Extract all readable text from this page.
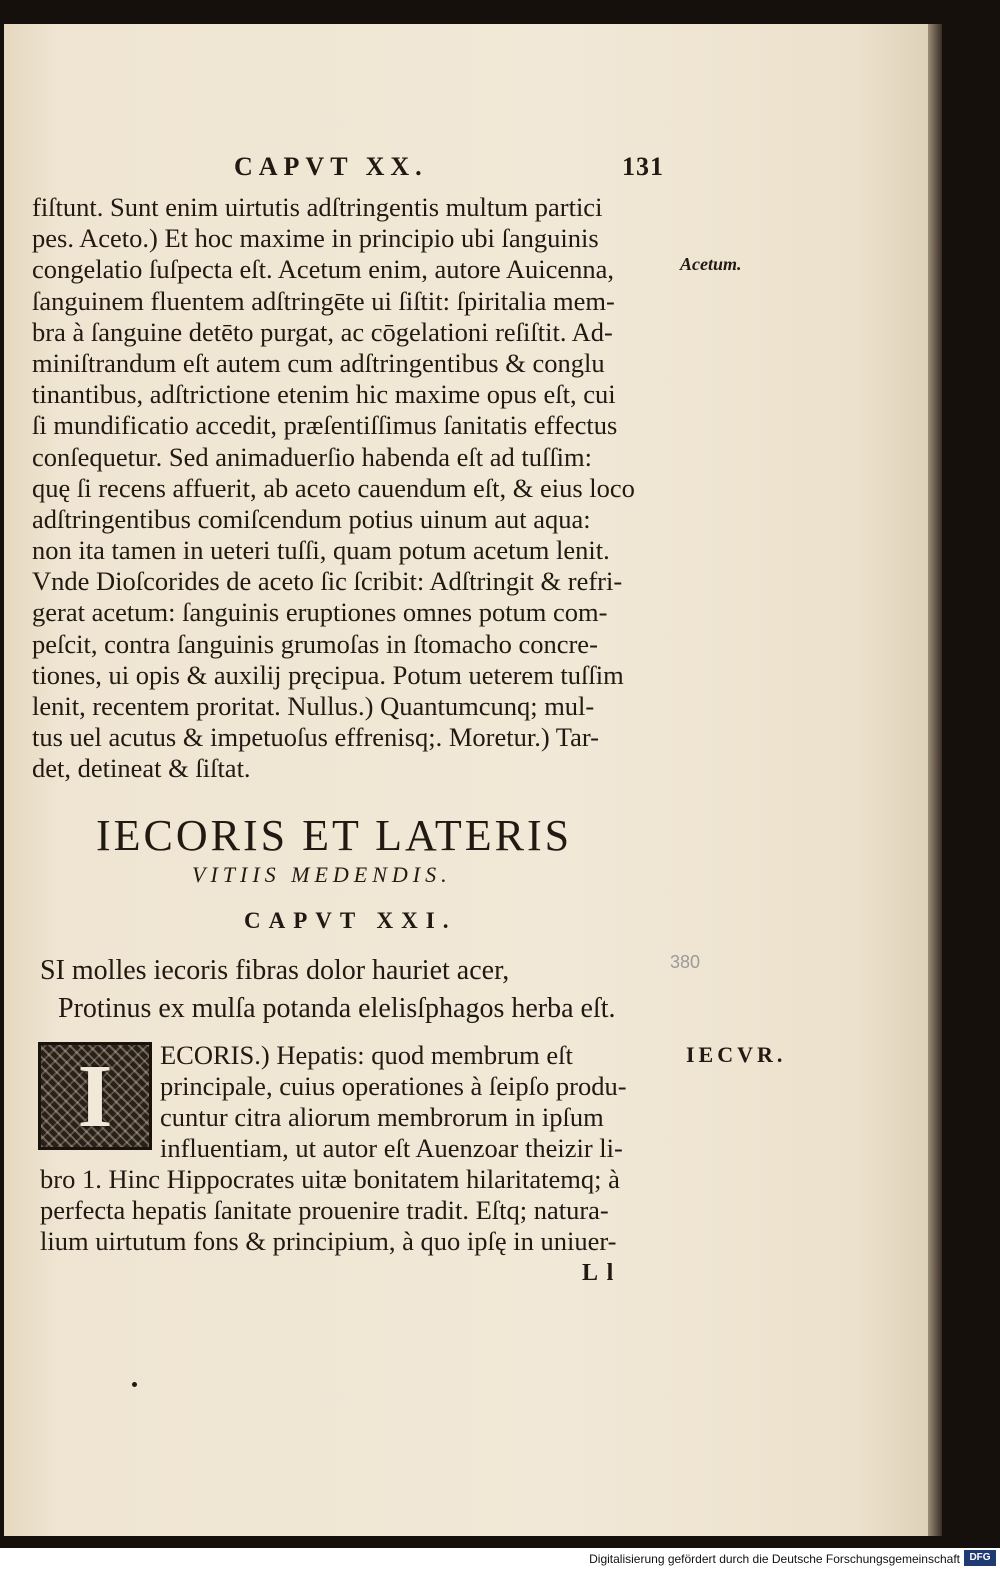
CAPVT XX.	131
fiſtunt. Sunt enim uirtutis adſtringentis multum partici
pes. Aceto.) Et hoc maxime in principio ubi ſanguinis
congelatio ſuſpecta eſt. Acetum enim, autore Auicenna,
ſanguinem fluentem adſtringēte ui ſiſtit: ſpiritalia mem-
bra à ſanguine detēto purgat, ac cōgelationi reſiſtit. Ad-
miniſtrandum eſt autem cum adſtringentibus & conglu
tinantibus, adſtrictione etenim hic maxime opus eſt, cui
ſi mundificatio accedit, præſentiſſimus ſanitatis effectus
conſequetur. Sed animaduerſio habenda eſt ad tuſſim:
quę ſi recens affuerit, ab aceto cauendum eſt, & eius loco
adſtringentibus comiſcendum potius uinum aut aqua:
non ita tamen in ueteri tuſſi, quam potum acetum lenit.
Vnde Dioſcorides de aceto ſic ſcribit: Adſtringit & refri-
gerat acetum: ſanguinis eruptiones omnes potum com-
peſcit, contra ſanguinis grumoſas in ſtomacho concre-
tiones, ui opis & auxilij pręcipua. Potum ueterem tuſſim
lenit, recentem proritat. Nullus.) Quantumcunq; mul-
tus uel acutus & impetuoſus effrenisq;. Moretur.) Tar-
det, detineat & ſiſtat.
Acetum.
IECORIS ET LATERIS
VITIIS MEDENDIS.
CAPVT XXI.
SI molles iecoris fibras dolor hauriet acer,
Protinus ex mulſa potanda elelisſphagos herba eſt.
380
I	ECORIS.) Hepatis: quod membrum eſt
principale, cuius operationes à ſeipſo produ-
cuntur citra aliorum membrorum in ipſum
influentiam, ut autor eſt Auenzoar theizir li-
IECVR.
bro 1. Hinc Hippocrates uitæ bonitatem hilaritatemq; à
perfecta hepatis ſanitate prouenire tradit. Eſtq; natura-
lium uirtutum fons & principium, à quo ipſę in uniuer-
L l
Digitalisierung gefördert durch die Deutsche Forschungsgemeinschaft DFG
